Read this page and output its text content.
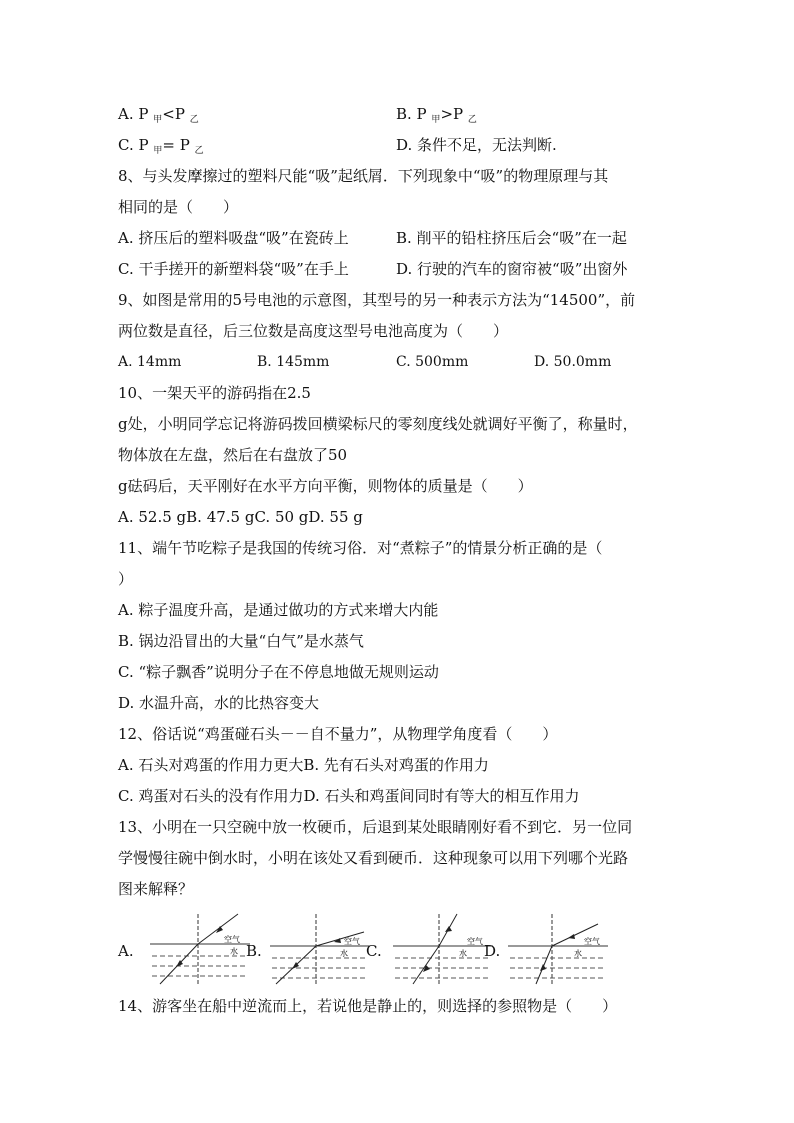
A. P $_甲$<P $_乙$	B. P $_甲$>P $_乙$
C. P $_甲$= P $_乙$	D. 条件不足，无法判断.
8、与头发摩擦过的塑料尺能“吸”起纸屑．下列现象中“吸”的物理原理与其
相同的是（　　）
A. 挤压后的塑料吸盘“吸”在瓷砖上	B. 削平的铅柱挤压后会“吸”在一起
C. 干手搓开的新塑料袋“吸”在手上	D. 行驶的汽车的窗帘被“吸”出窗外
9、如图是常用的5号电池的示意图，其型号的另一种表示方法为“14500”，前
两位数是直径，后三位数是高度这型号电池高度为（　　）
A. 14mm	B. 145mm	C. 500mm	D. 50.0mm
10、一架天平的游码指在2.5
g处，小明同学忘记将游码拨回横梁标尺的零刻度线处就调好平衡了，称量时，
物体放在左盘，然后在右盘放了50
g砝码后，天平刚好在水平方向平衡，则物体的质量是（　　）
A. 52.5 gB. 47.5 gC. 50 gD. 55 g
11、端午节吃粽子是我国的传统习俗．对“煮粽子”的情景分析正确的是（
）
A. 粽子温度升高，是通过做功的方式来增大内能
B. 锅边沿冒出的大量“白气”是水蒸气
C. “粽子飘香”说明分子在不停息地做无规则运动
D. 水温升高，水的比热容变大
12、俗话说“鸡蛋碰石头－－自不量力”，从物理学角度看（　　）
A. 石头对鸡蛋的作用力更大B. 先有石头对鸡蛋的作用力
C. 鸡蛋对石头的没有作用力D. 石头和鸡蛋间同时有等大的相互作用力
13、小明在一只空碗中放一枚硬币，后退到某处眼睛刚好看不到它．另一位同
学慢慢往碗中倒水时，小明在该处又看到硬币．这种现象可以用下列哪个光路
图来解释？
A.
空气
水 B.
空气
水 C.
空气
水 D.
空气
水
14、游客坐在船中逆流而上，若说他是静止的，则选择的参照物是（　　）
